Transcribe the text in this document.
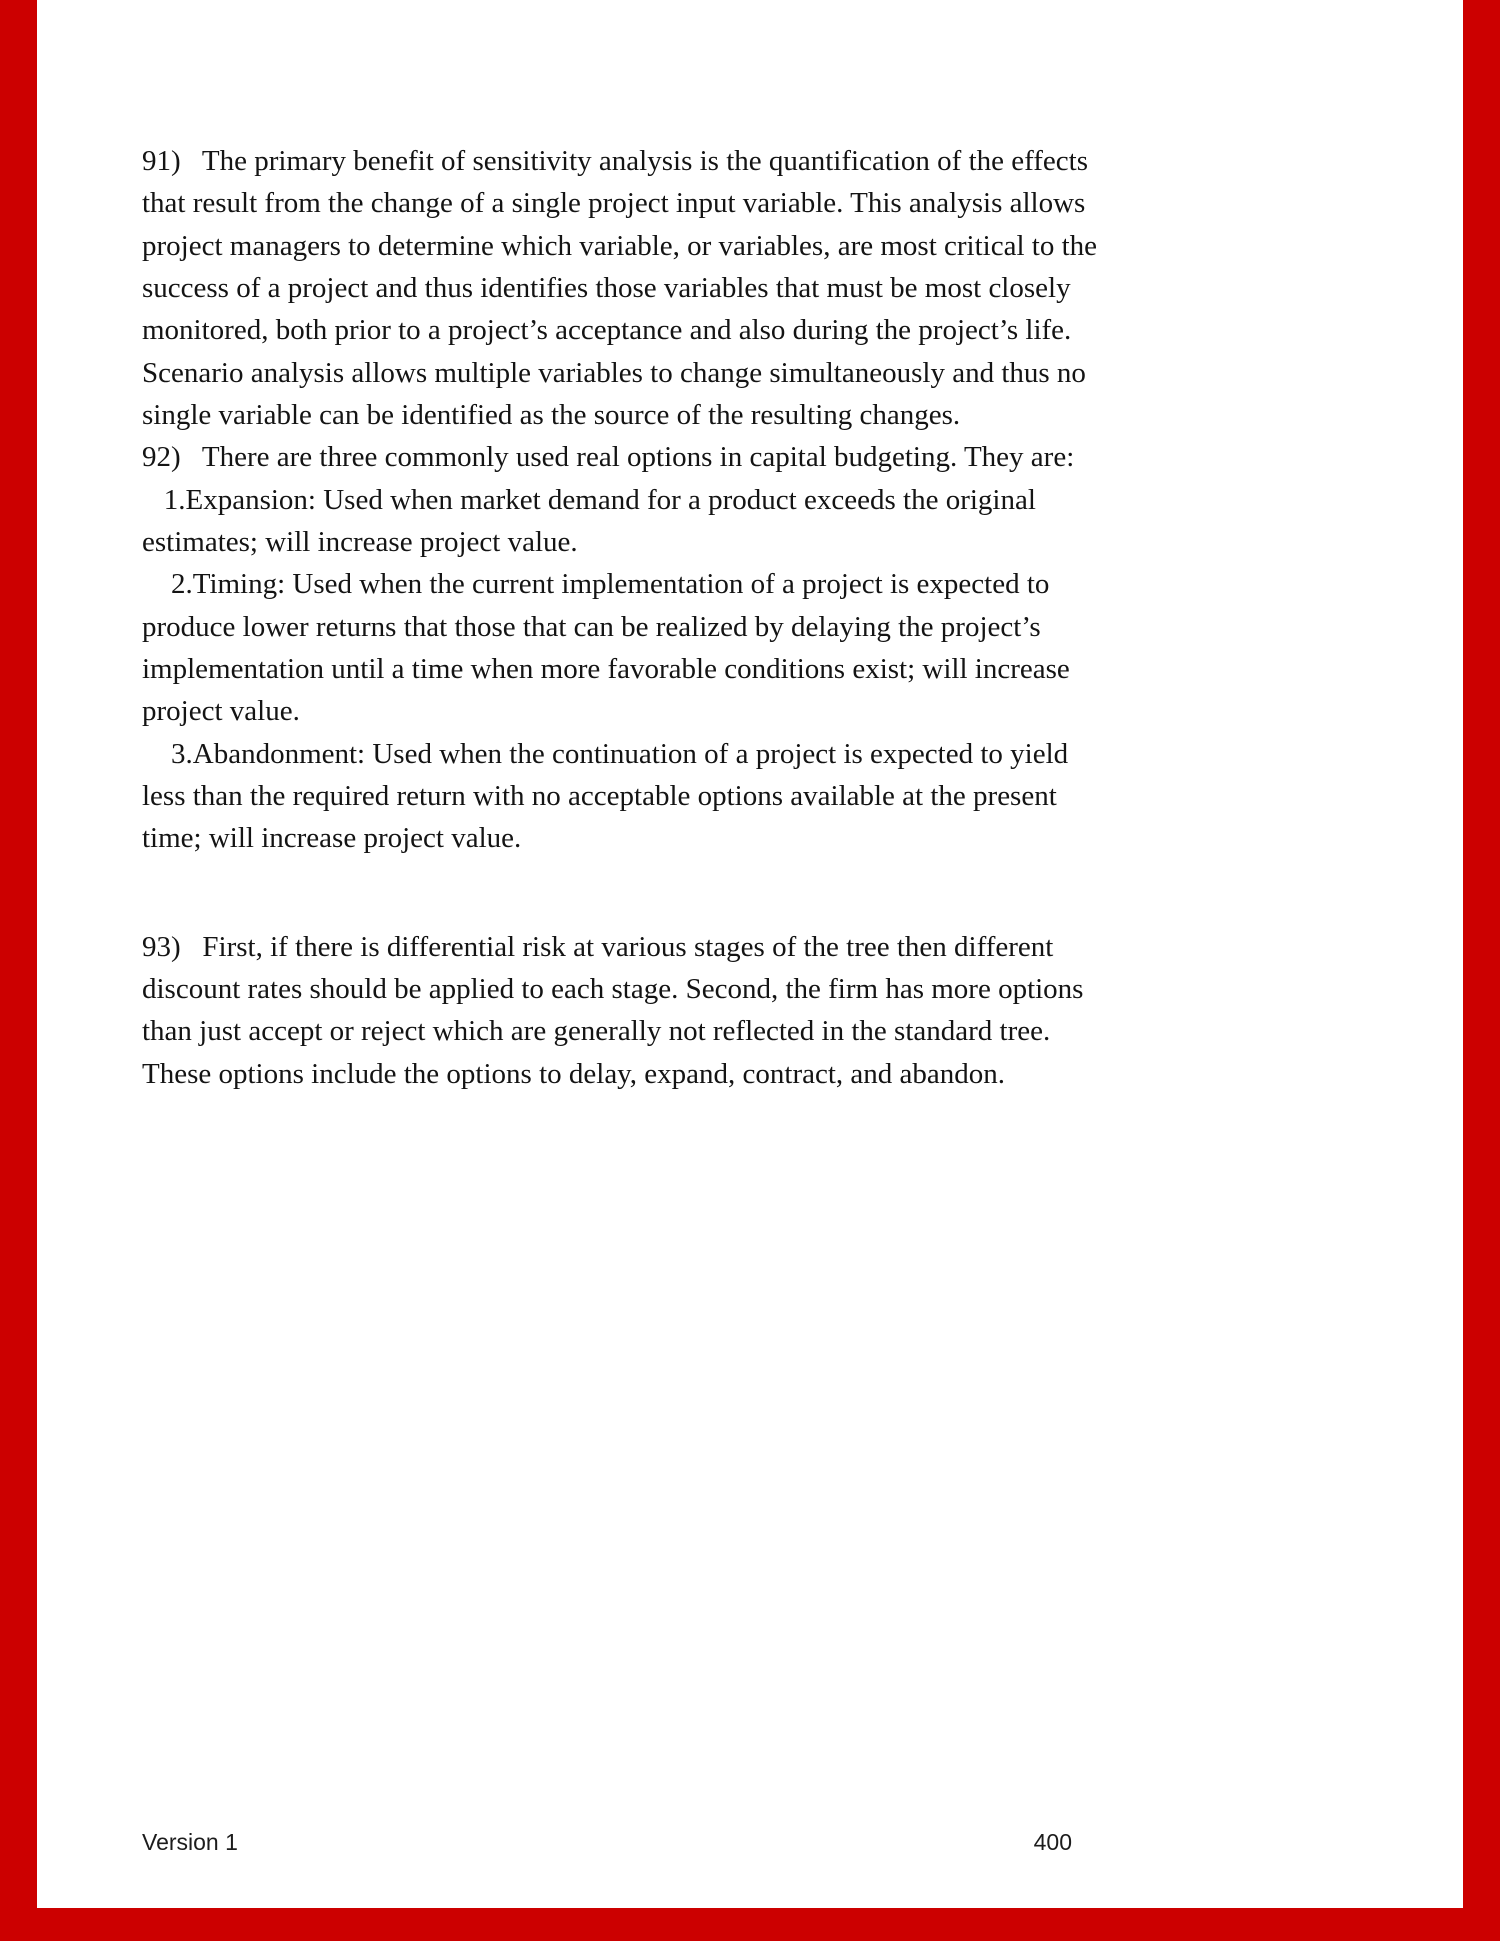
91)   The primary benefit of sensitivity analysis is the quantification of the effects that result from the change of a single project input variable. This analysis allows project managers to determine which variable, or variables, are most critical to the success of a project and thus identifies those variables that must be most closely monitored, both prior to a project’s acceptance and also during the project’s life. Scenario analysis allows multiple variables to change simultaneously and thus no single variable can be identified as the source of the resulting changes.

92)   There are three commonly used real options in capital budgeting. They are:

1.Expansion: Used when market demand for a product exceeds the original estimates; will increase project value.

2.Timing: Used when the current implementation of a project is expected to produce lower returns that those that can be realized by delaying the project’s implementation until a time when more favorable conditions exist; will increase project value.

3.Abandonment: Used when the continuation of a project is expected to yield less than the required return with no acceptable options available at the present time; will increase project value.

93)   First, if there is differential risk at various stages of the tree then different discount rates should be applied to each stage. Second, the firm has more options than just accept or reject which are generally not reflected in the standard tree. These options include the options to delay, expand, contract, and abandon.

Version 1	400
